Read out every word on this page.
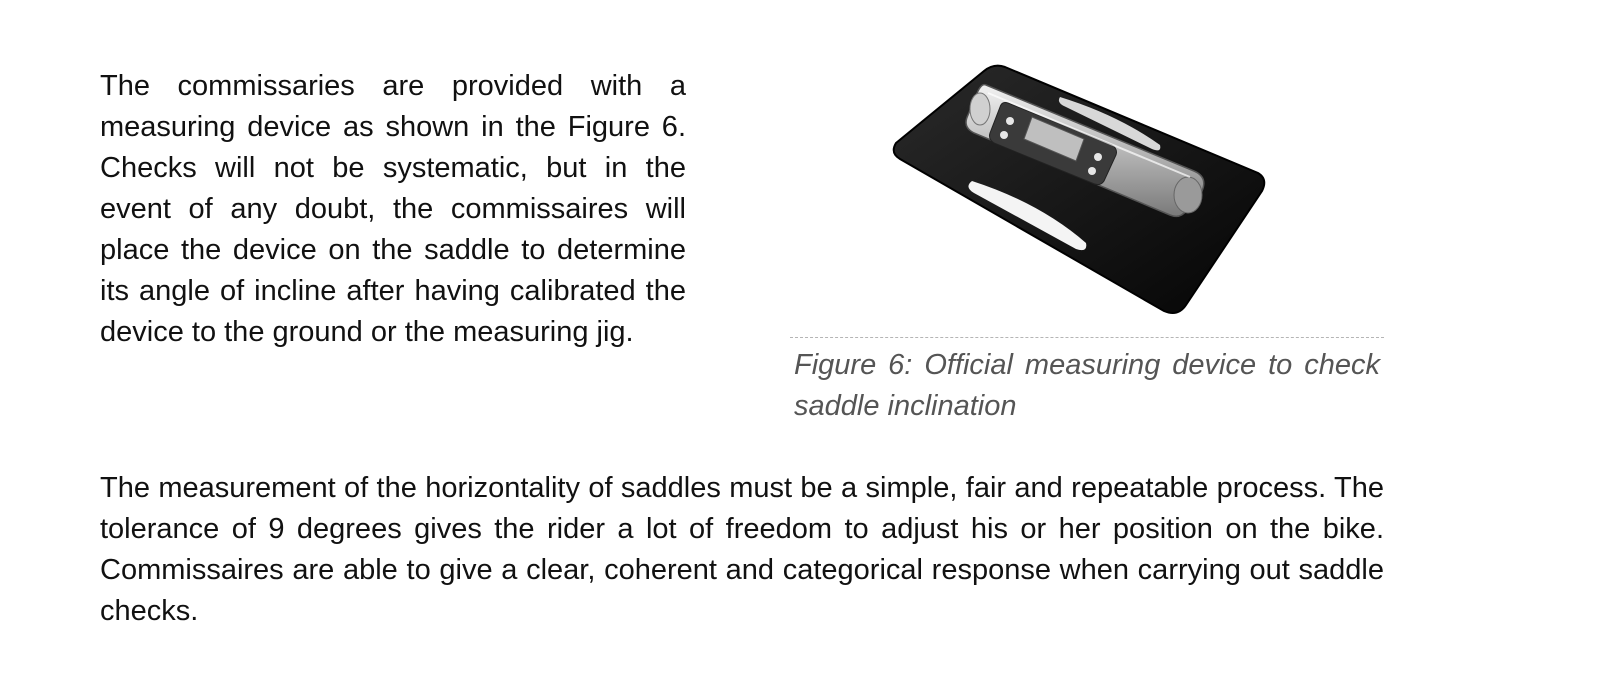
The commissaries are provided with a measuring device as shown in the Figure 6. Checks will not be systematic, but in the event of any doubt, the commissaires will place the device on the saddle to determine its angle of incline after having calibrated the device to the ground or the measuring jig.

Figure 6: Official measuring device to check saddle inclination

The measurement of the horizontality of saddles must be a simple, fair and repeatable process. The tolerance of 9 degrees gives the rider a lot of freedom to adjust his or her position on the bike. Commissaires are able to give a clear, coherent and categorical response when carrying out saddle checks.
